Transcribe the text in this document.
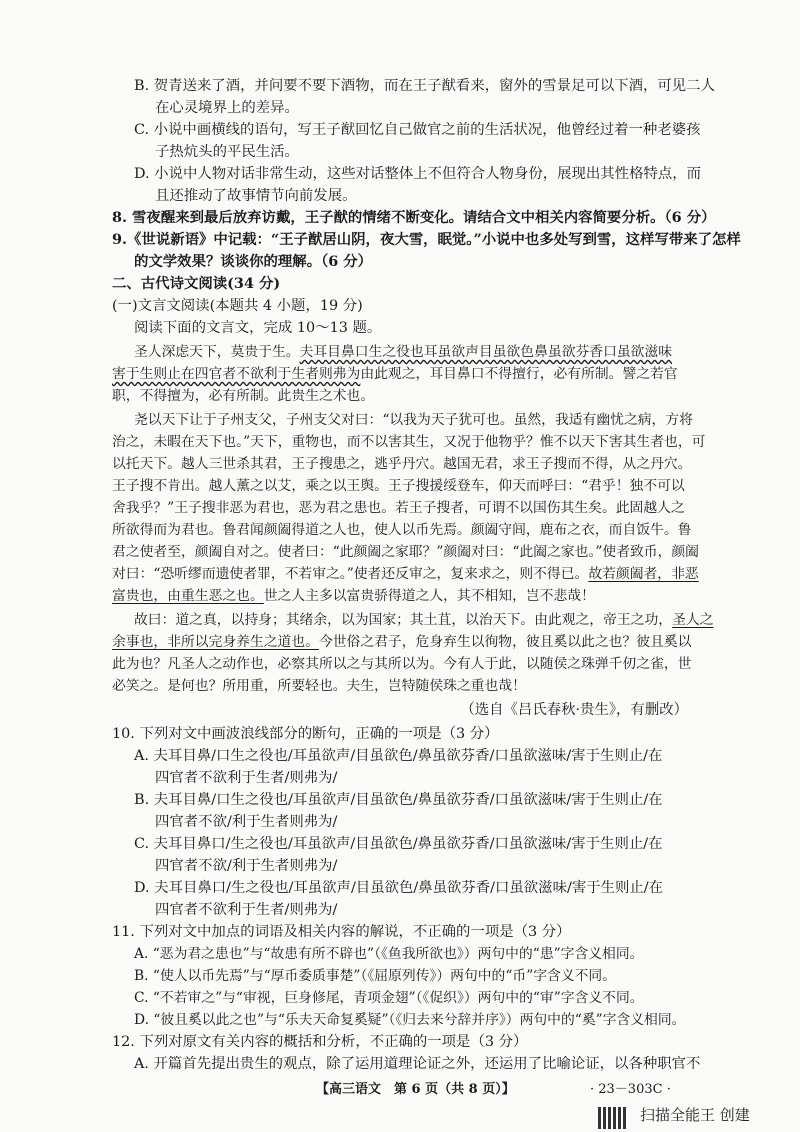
B. 贺青送来了酒，并问要不要下酒物，而在王子猷看来，窗外的雪景足可以下酒，可见二人
在心灵境界上的差异。
C. 小说中画横线的语句，写王子猷回忆自己做官之前的生活状况，他曾经过着一种老婆孩
子热炕头的平民生活。
D. 小说中人物对话非常生动，这些对话整体上不但符合人物身份，展现出其性格特点，而
且还推动了故事情节向前发展。
8. 雪夜醒来到最后放弃访戴，王子猷的情绪不断变化。请结合文中相关内容简要分析。（6 分）
9.《世说新语》中记载：“王子猷居山阴，夜大雪，眠觉。”小说中也多处写到雪，这样写带来了怎样
的文学效果？谈谈你的理解。（6 分）
二、古代诗文阅读(34 分)
(一)文言文阅读(本题共 4 小题，19 分)
阅读下面的文言文，完成 10～13 题。
圣人深虑天下，莫贵于生。夫耳目鼻口生之役也耳虽欲声目虽欲色鼻虽欲芬香口虽欲滋味
害于生则止在四官者不欲利于生者则弗为由此观之，耳目鼻口不得擅行，必有所制。譬之若官
职，不得擅为，必有所制。此贵生之术也。
尧以天下让于子州支父，子州支父对曰：“以我为天子犹可也。虽然，我适有幽忧之病，方将
治之，未暇在天下也。”天下，重物也，而不以害其生，又况于他物乎？惟不以天下害其生者也，可
以托天下。越人三世杀其君，王子搜患之，逃乎丹穴。越国无君，求王子搜而不得，从之丹穴。
王子搜不肯出。越人薰之以艾，乘之以王舆。王子搜援绥登车，仰天而呼曰：“君乎！独不可以
舍我乎？”王子搜非恶为君也，恶为君之患也。若王子搜者，可谓不以国伤其生矣。此固越人之
所欲得而为君也。鲁君闻颜阖得道之人也，使人以币先焉。颜阖守闾，鹿布之衣，而自饭牛。鲁
君之使者至，颜阖自对之。使者曰：“此颜阖之家耶？”颜阖对曰：“此阖之家也。”使者致币，颜阖
对曰：“恐听缪而遗使者罪，不若审之。”使者还反审之，复来求之，则不得已。故若颜阖者，非恶
富贵也，由重生恶之也。世之人主多以富贵骄得道之人，其不相知，岂不悲哉！
故曰：道之真，以持身；其绪余，以为国家；其土苴，以治天下。由此观之，帝王之功，圣人之
余事也，非所以完身养生之道也。今世俗之君子，危身弃生以徇物，彼且奚以此之也？彼且奚以
此为也？凡圣人之动作也，必察其所以之与其所以为。今有人于此，以随侯之珠弹千仞之雀，世
必笑之。是何也？所用重，所要轻也。夫生，岂特随侯珠之重也哉！
（选自《吕氏春秋·贵生》，有删改）
10. 下列对文中画波浪线部分的断句，正确的一项是（3 分）
A. 夫耳目鼻/口生之役也/耳虽欲声/目虽欲色/鼻虽欲芬香/口虽欲滋味/害于生则止/在
四官者不欲利于生者/则弗为/
B. 夫耳目鼻/口生之役也/耳虽欲声/目虽欲色/鼻虽欲芬香/口虽欲滋味/害于生则止/在
四官者不欲/利于生者则弗为/
C. 夫耳目鼻口/生之役也/耳虽欲声/目虽欲色/鼻虽欲芬香/口虽欲滋味/害于生则止/在
四官者不欲/利于生者则弗为/
D. 夫耳目鼻口/生之役也/耳虽欲声/目虽欲色/鼻虽欲芬香/口虽欲滋味/害于生则止/在
四官者不欲利于生者/则弗为/
11. 下列对文中加点的词语及相关内容的解说，不正确的一项是（3 分）
A. “恶为君之患也”与“故患有所不辟也”（《鱼我所欲也》）两句中的“患”字含义相同。
B. “使人以币先焉”与“厚币委质事楚”（《屈原列传》）两句中的“币”字含义不同。
C. “不若审之”与“审视，巨身修尾，青项金翅”（《促织》）两句中的“审”字含义不同。
D. “彼且奚以此之也”与“乐夫天命复奚疑”（《归去来兮辞并序》）两句中的“奚”字含义相同。
12. 下列对原文有关内容的概括和分析，不正确的一项是（3 分）
A. 开篇首先提出贵生的观点，除了运用道理论证之外，还运用了比喻论证，以各种职官不
【高三语文　第 6 页（共 8 页）】	· 23－303C ·
扫描全能王 创建
